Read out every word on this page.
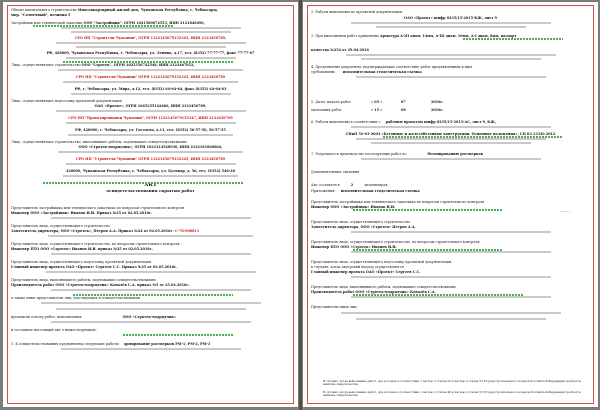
Объект капитального строительства Многоквартирный жилой дом, Чувашская Республика, г. Чебоксары,
мкр. "Солнечный", позиция 5
Застройщик или технический заказчик ООО "Застройщик", ОГРН 1021500674553, ИНН 2121846496,
СРО НП "Строители Чувашии", ОГРН 1122145679152345, ИНН 2123456789,
РФ, 428000, Чувашская Республика, г. Чебоксары, ул. Ленина, д.17, тел. (8352) 77-77-77, факс 77-77-67
Лицо, осуществляющее строительство ООО "Стротек", ОГРН 1025356742548, ИНН 2123467852,
СРО НП "Строители Чувашии" ОГРН 1122145679152345, ИНН 2123456789
РФ, г. Чебоксары, ул. Мира, д.12, тел. (8352) 64-64-64, факс (8352) 64-64-63
Лицо, осуществляющее подготовку проектной документации
ОАО «Проект», ОГРН 1045255142666, ИНН 2123456789,
СРО НП "Проектировщики Чувашии", ОГРН 1122145679152347, ИНН 2123456709
РФ, 428000, г. Чебоксары, ул. Гоголева, д.11, тел. (8352) 56-57-56, 56-57-55
Лицо, осуществляющее строительство, выполнившее работы, подлежащие освидетельствованию
ООО «Стротек-подрядчик», ОГРН 1021214548930, ИНН 2122161860864,
СРО НП "Строители Чувашии" ОГРН 1122145679152345, ИНН 2123456789
428000, Чувашская Республика, г. Чебоксары, ул. Бульвар, д. 56, тел. (8352) 546-28
АКТ
освидетельствования скрытых работ
Представитель застройщика или технического заказчика по вопросам строительного контроля
Инженер ООО «Застройщик» Иванов И.И. Приказ №25 от 02.05.2016г.
Представитель лица, осуществляющего строительство
Заместитель директора, ООО «Стротек», Петров А.А. Приказ №24 от 02.05.2016г. С-78-000811
Представитель лица, осуществляющего строительство, по вопросам строительного контроля
Инженер ПТО ООО «Стротек» Иванов И.И. приказ №25 от 02.05.2016г.
Представитель лица, осуществляющего подготовку проектной документации
Главный инженер проекта ОАО «Проект» Сергеев С.С. Приказ №25 от 02.05.2016г.
Представитель лица, выполнившего работы, подлежащие освидетельствованию
Производитель работ ООО «Стротек-подрядчик» Ковалёв С.А. приказ №5 от 25.04.2016г.
а также иные представители лиц, участвующих в освидетельствовании
произвели осмотр работ, выполненных	ООО «Стротек-подрядчик»
и составили настоящий акт о нижеследующем:
1. К освидетельствованию предъявлены следующие работы армирование ростверков РМ-1, РМ-2, РМ-3
2. Работы выполнены по проектной документации
ОАО «Проект» шифр 0235/15-2015-КЖ, лист 9
3. При выполнении работ применены Арматура А-III диам. 14мм, А-III диам. 10мм, А-I диам. 8мм, паспорт
качества №254 от 29.04.2016
4. Предъявлены документы, подтверждающие соответствие работ предъявленным к ним
требованиям: исполнительная геодезическая съемка
5. Даты: начала работ	« 05 »	07	2016г.
окончания работ	« 15 »	08	2016г.
6. Работы выполнены в соответствии с рабочим проектом шифр 0235/15-2015-АС, лист 9, КЖ,
СНиП 52-01-2003 «Бетонные и железобетонные конструкции. Основные положения», СП 63.13330.2012
7. Разрешается производство последующих работ по	бетонированию ростверков
Дополнительные сведения
Акт составлен в	2	экземплярах.
Приложения: исполнительная геодезическая съемка
Представитель застройщика или технического заказчика по вопросам строительного контроля
Инженер ООО «Застройщик» Иванов И.И.
подпись
Представитель лица, осуществляющего строительство
Заместитель директора, ООО «Стротек» Петров А.А.
Представитель лица, осуществляющего строительство, по вопросам строительного контроля
Инженер ПТО ООО «Стротек» Иванов И.И.
Представитель лица, осуществляющего подготовку проектной документации,
в случаях, когда авторский надзор осуществляется
Главный инженер проекта ОАО «Проект» Сергеев С.С.
Представитель лица, выполнившего работы, подлежащие освидетельствованию
Производитель работ ООО «Стротек-подрядчик» Ковалёв С.А.
Представители иных лиц:
В случаях, когда выполнение работ, для которых в соответствии с частью 2 статьи 52 и частью 4 статьи 55.8 Градостроительного кодекса Российской Федерации требуется наличие свидетельства.
В случаях, когда выполнение работ, для которых в соответствии с частью 2 статьи 48 и частью 4 статьи 55.8 Градостроительного кодекса Российской Федерации требуется наличие свидетельства.
